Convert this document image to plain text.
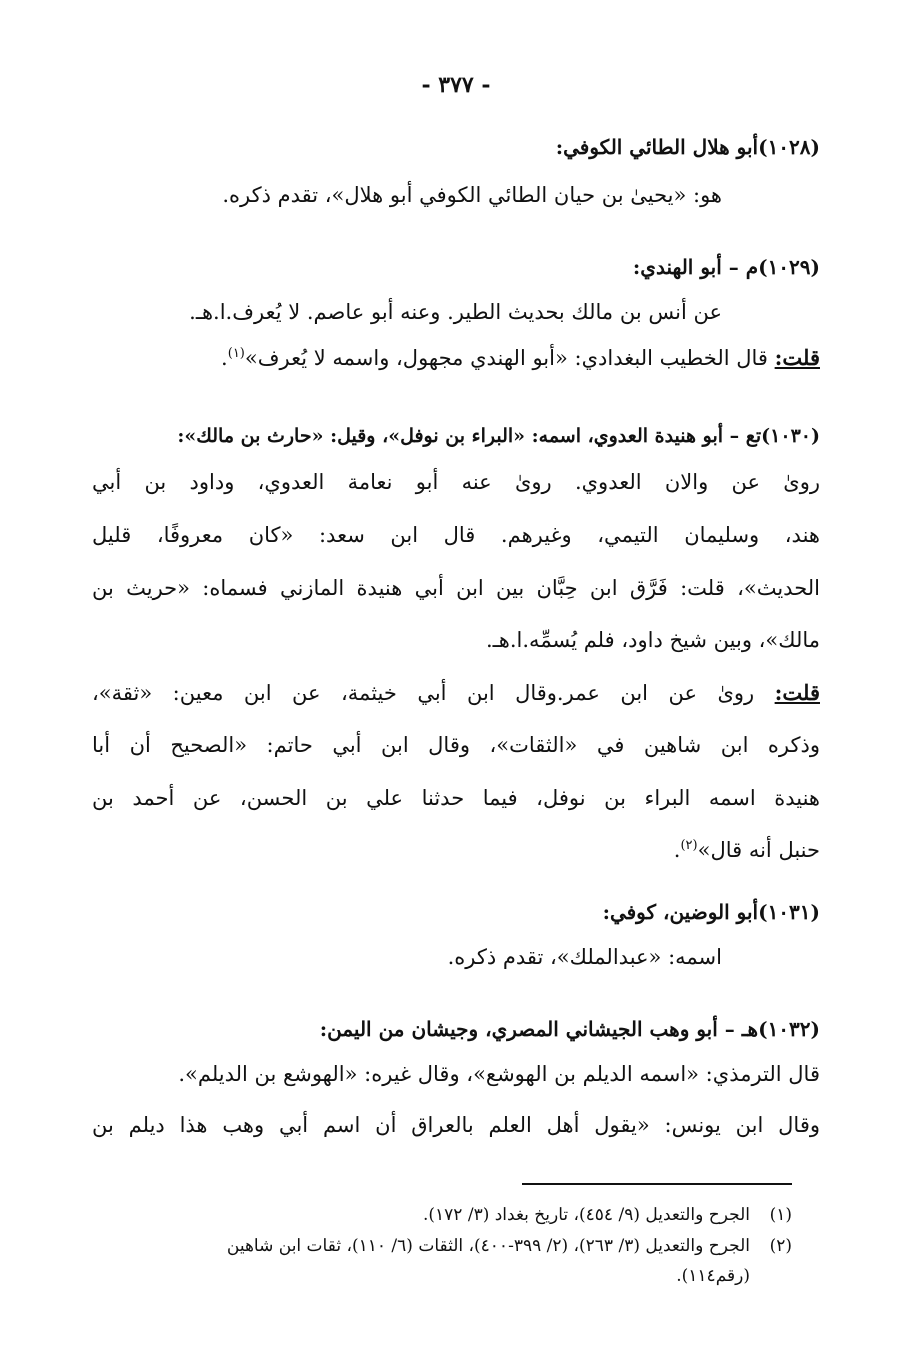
- ٣٧٧ -
(١٠٢٨)أبو هلال الطائي الكوفي:
هو: «يحيىٰ بن حيان الطائي الكوفي أبو هلال»، تقدم ذكره.
(١٠٢٩)م – أبو الهندي:
عن أنس بن مالك بحديث الطير. وعنه أبو عاصم. لا يُعرف.ا.هـ.
قلت: قال الخطيب البغدادي: «أبو الهندي مجهول، واسمه لا يُعرف»$^{(١)}$.
(١٠٣٠)تع – أبو هنيدة العدوي، اسمه: «البراء بن نوفل»، وقيل: «حارث بن مالك»:
روىٰ عن والان العدوي. روىٰ عنه أبو نعامة العدوي، وداود بن أبي
هند، وسليمان التيمي، وغيرهم. قال ابن سعد: «كان معروفًا، قليل
الحديث»، قلت: فَرَّق ابن حِبَّان بين ابن أبي هنيدة المازني فسماه: «حريث بن
مالك»، وبين شيخ داود، فلم يُسمِّه.ا.هـ.
قلت: روىٰ عن ابن عمر.وقال ابن أبي خيثمة، عن ابن معين: «ثقة»،
وذكره ابن شاهين في «الثقات»، وقال ابن أبي حاتم: «الصحيح أن أبا
هنيدة اسمه البراء بن نوفل، فيما حدثنا علي بن الحسن، عن أحمد بن
حنبل أنه قال»$^{(٢)}$.
(١٠٣١)أبو الوضين، كوفي:
اسمه: «عبدالملك»، تقدم ذكره.
(١٠٣٢)هـ – أبو وهب الجيشاني المصري، وجيشان من اليمن:
قال الترمذي: «اسمه الديلم بن الهوشع»، وقال غيره: «الهوشع بن الديلم».
وقال ابن يونس: «يقول أهل العلم بالعراق أن اسم أبي وهب هذا ديلم بن
(١)الجرح والتعديل (٩/ ٤٥٤)، تاريخ بغداد (٣/ ١٧٢).
(٢)الجرح والتعديل (٣/ ٢٦٣)، (٢/ ٣٩٩-٤٠٠)، الثقات (٦/ ١١٠)، ثقات ابن شاهين
(رقم١١٤).
